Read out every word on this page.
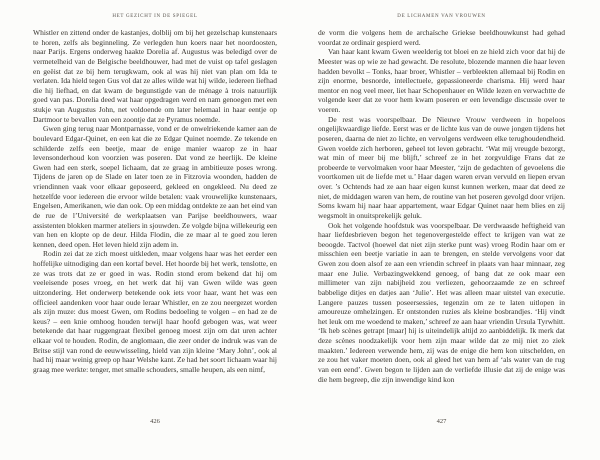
HET GEZICHT IN DE SPIEGEL

Whistler en zittend onder de kastanjes, dolblij om bij het gezelschap kunstenaars te horen, zelfs als beginneling. Ze verlegden hun koers naar het noordoosten, naar Parijs. Ergens onderweg haakte Dorelia af. Augustus was beledigd over de vermetelheid van de Belgische beeldhouwer, had met de vuist op tafel geslagen en geëist dat ze bij hem terugkwam, ook al was hij niet van plan om Ida te verlaten. Ida hield tegen Gus vol dat ze alles wilde wat hij wilde, iedereen liefhad die hij liefhad, en dat kwam de begunstigde van de ménage à trois natuurlijk goed van pas. Dorelia deed wat haar opgedragen werd en nam genoegen met een stukje van Augustus John, net voldoende om later helemaal in haar eentje op Dartmoor te bevallen van een zoontje dat ze Pyramus noemde.

Gwen ging terug naar Montparnasse, vond er de onwelriekende kamer aan de boulevard Edgar-Quinet, en een kat die ze Edgar Quinet noemde. Ze tekende en schilderde zelfs een beetje, maar de enige manier waarop ze in haar levensonderhoud kon voorzien was poseren. Dat vond ze heerlijk. De kleine Gwen had een sterk, soepel lichaam, dat ze graag in ambitieuze poses wrong. Tijdens de jaren op de Slade en later toen ze in Fitzrovia woonden, hadden de vriendinnen vaak voor elkaar geposeerd, gekleed en ongekleed. Nu deed ze hetzelfde voor iedereen die ervoor wilde betalen: vaak vrouwelijke kunstenaars, Engelsen, Amerikanen, wie dan ook. Op een middag ontdekte ze aan het eind van de rue de l’Université de werkplaatsen van Parijse beeldhouwers, waar assistenten blokken marmer ateliers in sjouwden. Ze volgde bijna willekeurig een van hen en klopte op de deur. Hilda Flodin, die ze maar al te goed zou leren kennen, deed open. Het leven hield zijn adem in.

Rodin zei dat ze zich moest uitkleden, maar volgens haar was het eerder een hoffelijke uitnodiging dan een kortaf bevel. Het hoorde bij het werk, tenslotte, en ze was trots dat ze er goed in was. Rodin stond erom bekend dat hij om veeleisende poses vroeg, en het werk dat hij van Gwen wilde was geen uitzondering. Het onderwerp betekende ook iets voor haar, want het was een officieel aandenken voor haar oude leraar Whistler, en ze zou neergezet worden als zijn muze: dus moest Gwen, om Rodins bedoeling te volgen – en had ze de keus? – een knie omhoog houden terwijl haar hoofd gebogen was, wat weer betekende dat haar ruggengraat flexibel genoeg moest zijn om dat uren achter elkaar vol te houden. Rodin, de anglomaan, die zeer onder de indruk was van de Britse stijl van rond de eeuwwisseling, hield van zijn kleine ‘Mary John’, ook al had hij maar weinig greep op haar Welshe kant. Ze had het soort lichaam waar hij graag mee werkte: tenger, met smalle schouders, smalle heupen, als een nimf,

426
DE LICHAMEN VAN VROUWEN

de vorm die volgens hem de archaïsche Griekse beeldhouwkunst had gehad voordat ze ordinair gespierd werd.

Van haar kant kwam Gwen weelderig tot bloei en ze hield zich voor dat hij de Meester was op wie ze had gewacht. De resolute, blozende mannen die haar leven hadden bevolkt – Tonks, haar broer, Whistler – verbleekten allemaal bij Rodin en zijn enorme, besnorde, intellectuele, gepassioneerde charisma. Hij werd haar mentor en nog veel meer, liet haar Schopenhauer en Wilde lezen en verwachtte de volgende keer dat ze voor hem kwam poseren er een levendige discussie over te voeren.

De rest was voorspelbaar. De Nieuwe Vrouw verdween in hopeloos ongelijkwaardige liefde. Eerst was er de lichte kus van de ouwe jongen tijdens het poseren, daarna de niet zo lichte, en vervolgens verdween elke terughoudendheid. Gwen voelde zich herboren, geheel tot leven gebracht. ‘Wat mij vreugde bezorgt, wat min of meer bij me blijft,’ schreef ze in het zorgvuldige Frans dat ze probeerde te vervolmaken voor haar Meester, ‘zijn de gedachten of gevoelens die voortkomen uit de liefde met u.’ Haar dagen waren ervan vervuld en liepen ervan over. ’s Ochtends had ze aan haar eigen kunst kunnen werken, maar dat deed ze niet, de middagen waren van hem, de routine van het poseren gevolgd door vrijen. Soms kwam hij naar haar appartement, waar Edgar Quinet naar hem blies en zij wegsmolt in onuitsprekelijk geluk.

Ook het volgende hoofdstuk was voorspelbaar. De verdwaasde heftigheid van haar liefdesbrieven begon het tegenovergestelde effect te krijgen van wat ze beoogde. Tactvol (hoewel dat niet zijn sterke punt was) vroeg Rodin haar om er misschien een beetje variatie in aan te brengen, en stelde vervolgens voor dat Gwen zou doen alsof ze aan een vriendin schreef in plaats van haar minnaar, zeg maar ene Julie. Verbazingwekkend genoeg, of bang dat ze ook maar een millimeter van zijn nabijheid zou verliezen, gehoorzaamde ze en schreef babbelige ditjes en datjes aan ‘Julie’. Het was alleen maar uitstel van executie. Langere pauzes tussen poseersessies, tegenzin om ze te laten uitlopen in amoureuze omhelzingen. Er ontstonden ruzies als kleine bosbrandjes. ‘Hij vindt het leuk om me woedend te maken,’ schreef ze aan haar vriendin Ursula Tyrwhitt. ‘Ik heb scènes getrapt [maar] hij is uiteindelijk altijd zo aanbiddelijk. Ik merk dat deze scènes noodzakelijk voor hem zijn maar wilde dat ze mij niet zo ziek maakten.’ Iedereen verwende hem, zij was de enige die hem kon uitschelden, en ze zou het vaker moeten doen, ook al gleed het van hem af ‘als water van de rug van een eend’. Gwen begon te lijden aan de verliefde illusie dat zij de enige was die hem begreep, die zijn inwendige kind kon

427
